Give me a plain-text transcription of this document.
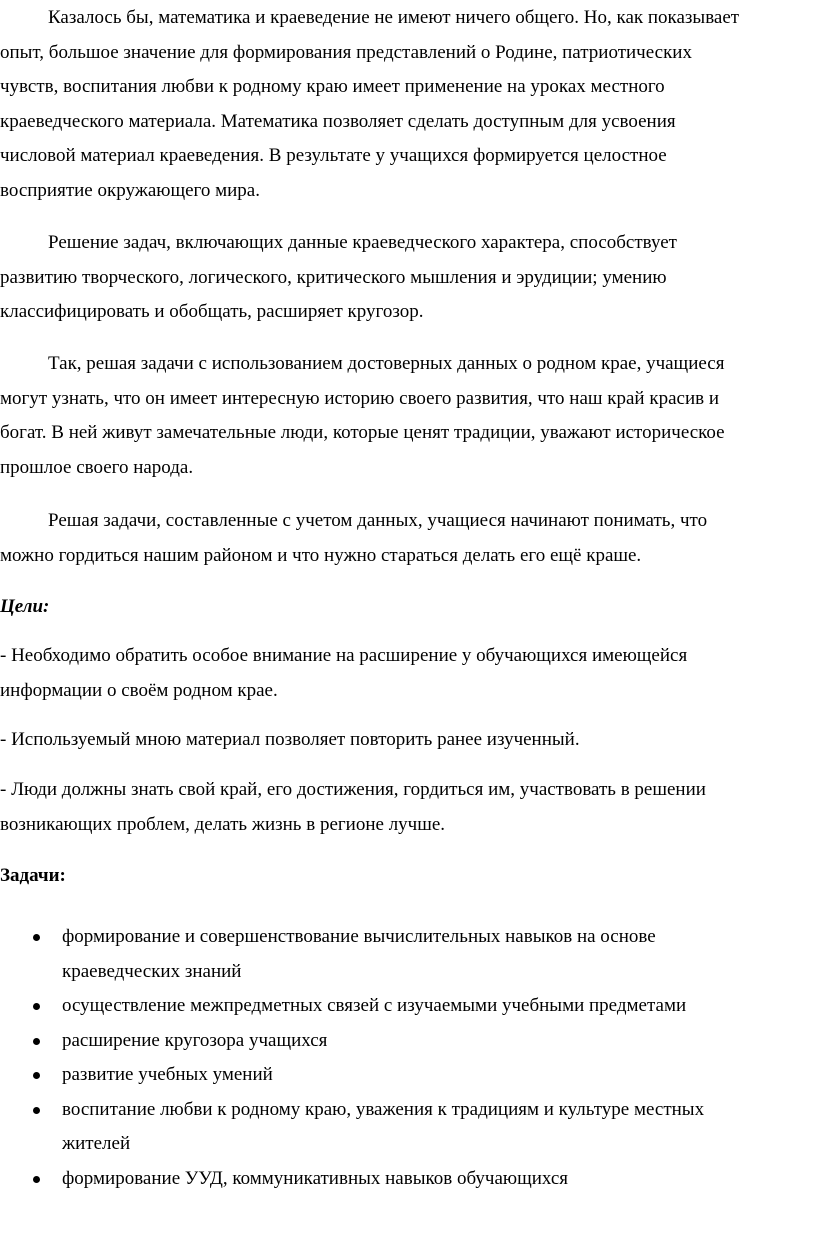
Казалось бы, математика и краеведение не имеют ничего общего. Но, как показывает
опыт, большое значение для формирования представлений о Родине, патриотических
чувств, воспитания любви к родному краю имеет применение на уроках местного
краеведческого материала. Математика позволяет сделать доступным для усвоения
числовой материал краеведения. В результате у учащихся формируется целостное
восприятие окружающего мира.
Решение задач, включающих данные краеведческого характера, способствует
развитию творческого, логического, критического мышления и эрудиции; умению
классифицировать и обобщать, расширяет кругозор.
Так, решая задачи с использованием достоверных данных о родном крае, учащиеся
могут узнать, что он имеет интересную историю своего развития, что наш край красив и
богат. В ней живут замечательные люди, которые ценят традиции, уважают историческое
прошлое своего народа.
Решая задачи, составленные с учетом данных, учащиеся начинают понимать, что
можно гордиться нашим районом и что нужно стараться делать его ещё краше.
Цели:
- Необходимо обратить особое внимание на расширение у обучающихся имеющейся
информации о своём родном крае.
- Используемый мною материал позволяет повторить ранее изученный.
- Люди должны знать свой край, его достижения, гордиться им, участвовать в решении
возникающих проблем, делать жизнь в регионе лучше.
Задачи:
формирование и совершенствование вычислительных навыков на основе
краеведческих знаний
осуществление межпредметных связей с изучаемыми учебными предметами
расширение кругозора учащихся
развитие учебных умений
воспитание любви к родному краю, уважения к традициям и культуре местных
жителей
формирование УУД, коммуникативных навыков обучающихся
